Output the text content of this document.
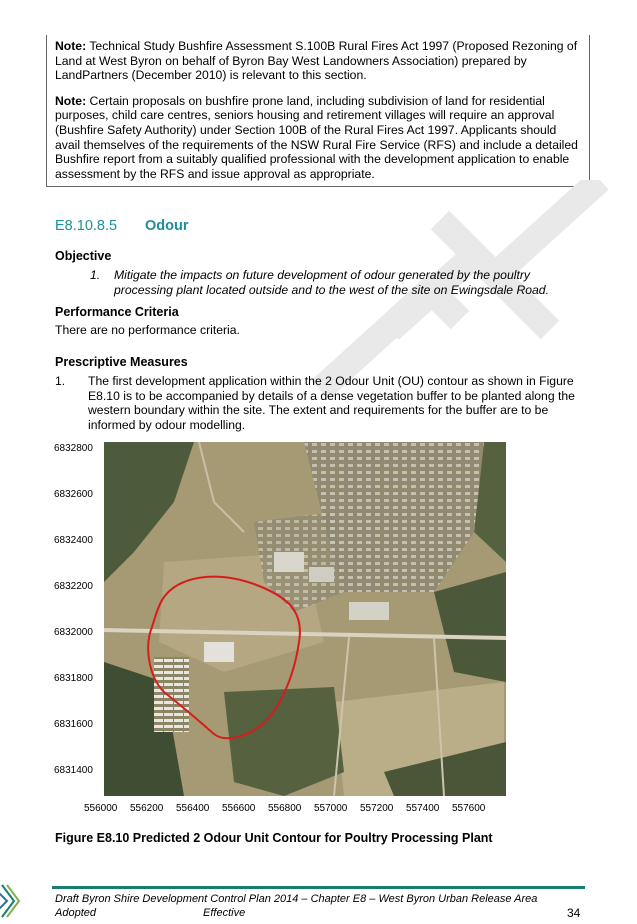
Note: Technical Study Bushfire Assessment S.100B Rural Fires Act 1997 (Proposed Rezoning of Land at West Byron on behalf of Byron Bay West Landowners Association) prepared by LandPartners (December 2010) is relevant to this section.

Note: Certain proposals on bushfire prone land, including subdivision of land for residential purposes, child care centres, seniors housing and retirement villages will require an approval (Bushfire Safety Authority) under Section 100B of the Rural Fires Act 1997. Applicants should avail themselves of the requirements of the NSW Rural Fire Service (RFS) and include a detailed Bushfire report from a suitably qualified professional with the development application to enable assessment by the RFS and issue approval as appropriate.

E8.10.8.5 Odour
Objective
1. Mitigate the impacts on future development of odour generated by the poultry processing plant located outside and to the west of the site on Ewingsdale Road.
Performance Criteria
There are no performance criteria.
Prescriptive Measures
1. The first development application within the 2 Odour Unit (OU) contour as shown in Figure E8.10 is to be accompanied by details of a dense vegetation buffer to be planted along the western boundary within the site. The extent and requirements for the buffer are to be informed by odour modelling.
6832800
6832600
6832400
6832200
6832000
6831800
6831600
6831400
556000 556200 556400 556600 556800 557000 557200 557400 557600
Figure E8.10 Predicted 2 Odour Unit Contour for Poultry Processing Plant
Draft Byron Shire Development Control Plan 2014 – Chapter E8 – West Byron Urban Release Area
Adopted	Effective	34
